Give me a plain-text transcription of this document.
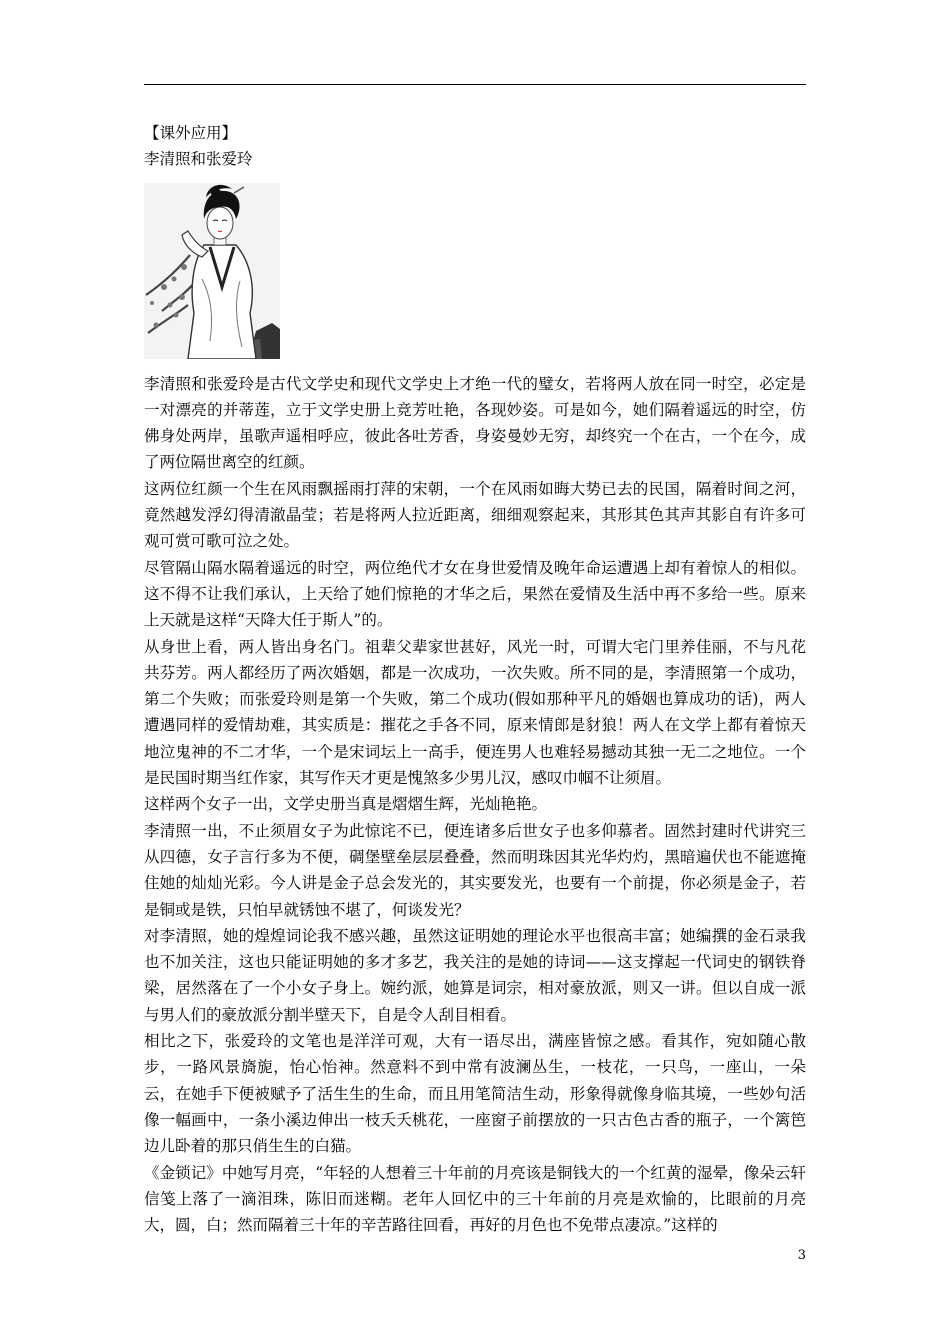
【课外应用】

李清照和张爱玲

李清照和张爱玲是古代文学史和现代文学史上才绝一代的璧女，若将两人放在同一时空，必定是一对漂亮的并蒂莲，立于文学史册上竞芳吐艳，各现妙姿。可是如今，她们隔着遥远的时空，仿佛身处两岸，虽歌声遥相呼应，彼此各吐芳香，身姿曼妙无穷，却终究一个在古，一个在今，成了两位隔世离空的红颜。

这两位红颜一个生在风雨飘摇雨打萍的宋朝，一个在风雨如晦大势已去的民国，隔着时间之河，竟然越发浮幻得清澈晶莹；若是将两人拉近距离，细细观察起来，其形其色其声其影自有许多可观可赏可歌可泣之处。

尽管隔山隔水隔着遥远的时空，两位绝代才女在身世爱情及晚年命运遭遇上却有着惊人的相似。这不得不让我们承认，上天给了她们惊艳的才华之后，果然在爱情及生活中再不多给一些。原来上天就是这样“天降大任于斯人”的。

从身世上看，两人皆出身名门。祖辈父辈家世甚好，风光一时，可谓大宅门里养佳丽，不与凡花共芬芳。两人都经历了两次婚姻，都是一次成功，一次失败。所不同的是，李清照第一个成功，第二个失败；而张爱玲则是第一个失败，第二个成功(假如那种平凡的婚姻也算成功的话)，两人遭遇同样的爱情劫难，其实质是：摧花之手各不同，原来情郎是豺狼！两人在文学上都有着惊天地泣鬼神的不二才华，一个是宋词坛上一高手，便连男人也难轻易撼动其独一无二之地位。一个是民国时期当红作家，其写作天才更是愧煞多少男儿汉，感叹巾帼不让须眉。

这样两个女子一出，文学史册当真是熠熠生辉，光灿艳艳。

李清照一出，不止须眉女子为此惊诧不已，便连诸多后世女子也多仰慕者。固然封建时代讲究三从四德，女子言行多为不便，碉堡壁垒层层叠叠，然而明珠因其光华灼灼，黑暗遍伏也不能遮掩住她的灿灿光彩。今人讲是金子总会发光的，其实要发光，也要有一个前提，你必须是金子，若是铜或是铁，只怕早就锈蚀不堪了，何谈发光？

对李清照，她的煌煌词论我不感兴趣，虽然这证明她的理论水平也很高丰富；她编撰的金石录我也不加关注，这也只能证明她的多才多艺，我关注的是她的诗词——这支撑起一代词史的钢铁脊梁，居然落在了一个小女子身上。婉约派，她算是词宗，相对豪放派，则又一讲。但以自成一派与男人们的豪放派分割半壁天下，自是令人刮目相看。

相比之下，张爱玲的文笔也是洋洋可观，大有一语尽出，满座皆惊之感。看其作，宛如随心散步，一路风景旖旎，怡心怡神。然意料不到中常有波澜丛生，一枝花，一只鸟，一座山，一朵云，在她手下便被赋予了活生生的生命，而且用笔简洁生动，形象得就像身临其境，一些妙句活像一幅画中，一条小溪边伸出一枝夭夭桃花，一座窗子前摆放的一只古色古香的瓶子，一个篱笆边儿卧着的那只俏生生的白猫。

《金锁记》中她写月亮，“年轻的人想着三十年前的月亮该是铜钱大的一个红黄的湿晕，像朵云轩信笺上落了一滴泪珠，陈旧而迷糊。老年人回忆中的三十年前的月亮是欢愉的，比眼前的月亮大，圆，白；然而隔着三十年的辛苦路往回看，再好的月色也不免带点凄凉。”这样的

3
